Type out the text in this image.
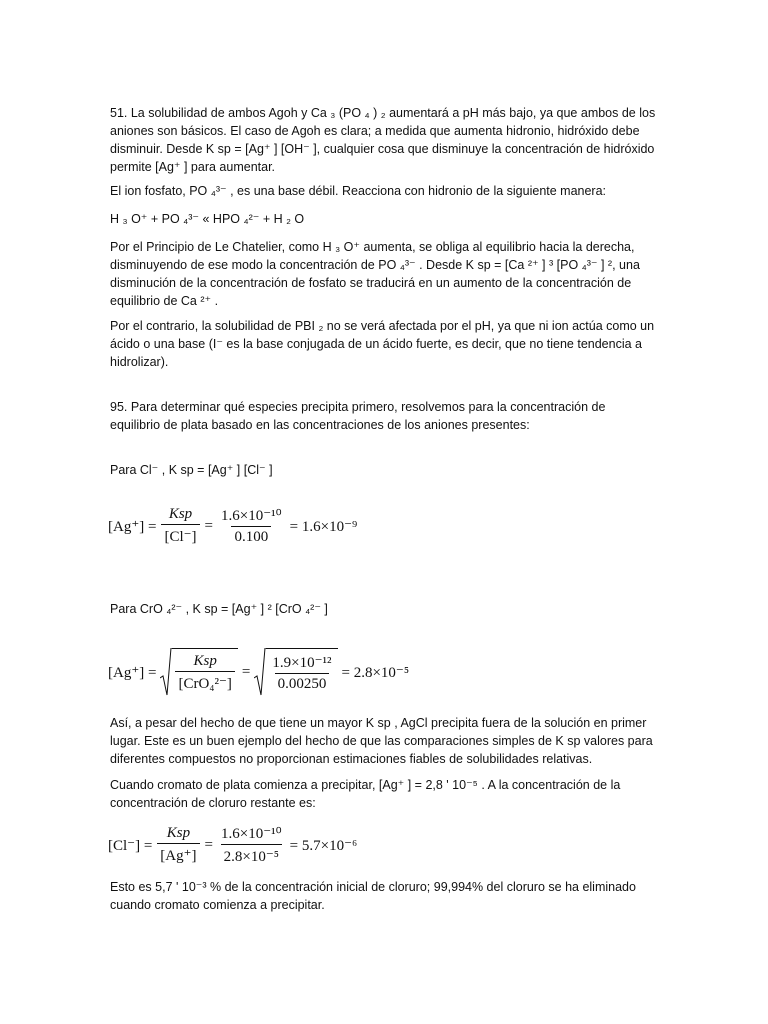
51. La solubilidad de ambos Agoh y Ca ₃ (PO ₄ ) ₂ aumentará a pH más bajo, ya que ambos de los aniones son básicos. El caso de Agoh es clara; a medida que aumenta hidronio, hidróxido debe disminuir. Desde K sp = [Ag⁺ ] [OH⁻ ], cualquier cosa que disminuye la concentración de hidróxido permite [Ag⁺ ] para aumentar.

El ion fosfato, PO ₄³⁻ , es una base débil. Reacciona con hidronio de la siguiente manera:

H ₃ O⁺ + PO ₄³⁻ « HPO ₄²⁻ + H ₂ O

Por el Principio de Le Chatelier, como H ₃ O⁺ aumenta, se obliga al equilibrio hacia la derecha, disminuyendo de ese modo la concentración de PO ₄³⁻ . Desde K sp = [Ca ²⁺ ] ³ [PO ₄³⁻ ] ², una disminución de la concentración de fosfato se traducirá en un aumento de la concentración de equilibrio de Ca ²⁺ .

Por el contrario, la solubilidad de PBI ₂ no se verá afectada por el pH, ya que ni ion actúa como un ácido o una base (I⁻ es la base conjugada de un ácido fuerte, es decir, que no tiene tendencia a hidrolizar).

95. Para determinar qué especies precipita primero, resolvemos para la concentración de equilibrio de plata basado en las concentraciones de los aniones presentes:

Para Cl⁻ , K sp = [Ag⁺ ] [Cl⁻ ]

$[Ag^+] = \frac{\text{Ksp}}{[Cl^-]} = \frac{\text{1.6×10⁻¹⁰}}{0.100} = 1.6\times 10^{-9}$

Para CrO ₄²⁻ , K sp = [Ag⁺ ] ² [CrO ₄²⁻ ]

$[Ag^+] = \frac{\text{Ksp}}{\text{[CrO₄²⁻]}} = \frac{\text{1.9×10⁻¹²}}{0.00250} = 2.8\times 10^{-5}$

Así, a pesar del hecho de que tiene un mayor K sp , AgCl precipita fuera de la solución en primer lugar. Este es un buen ejemplo del hecho de que las comparaciones simples de K sp valores para diferentes compuestos no proporcionan estimaciones fiables de solubilidades relativas.

Cuando cromato de plata comienza a precipitar, [Ag⁺ ] = 2,8 ' 10⁻⁵ . A la concentración de la concentración de cloruro restante es:

$[Cl^-] = \frac{\text{Ksp}}{[Ag^+]} = \frac{\text{1.6×10⁻¹⁰}}{\text{2.8×10⁻⁵}} = 5.7\times 10^{-6}$

Esto es 5,7 ' 10⁻³ % de la concentración inicial de cloruro; 99,994% del cloruro se ha eliminado cuando cromato comienza a precipitar.
